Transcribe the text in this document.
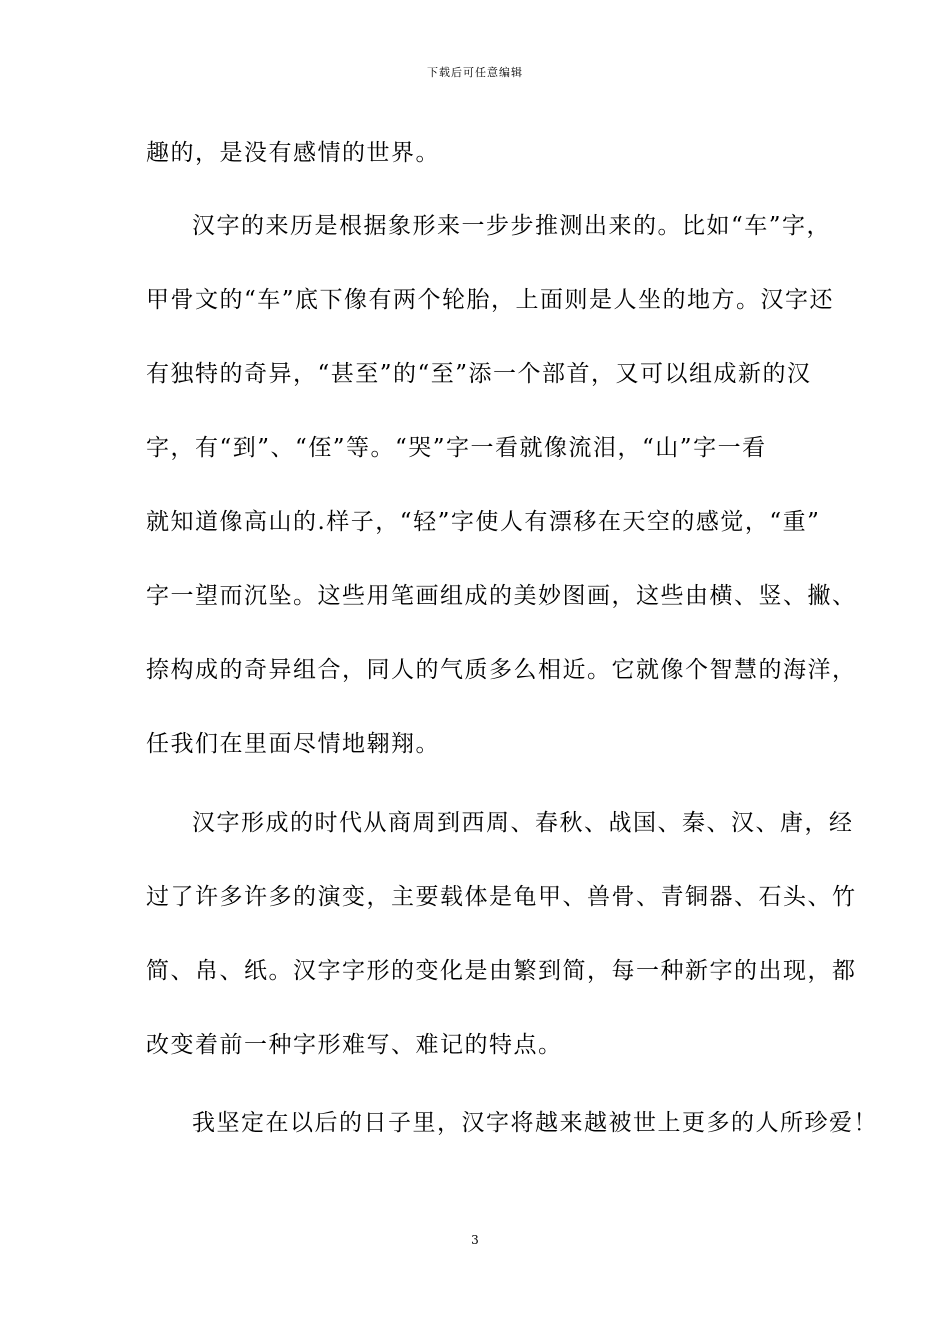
下载后可任意编辑
趣的，是没有感情的世界。
汉字的来历是根据象形来一步步推测出来的。比如“车”字，
甲骨文的“车”底下像有两个轮胎，上面则是人坐的地方。汉字还
有独特的奇异，“甚至”的“至”添一个部首，又可以组成新的汉
字，有“到”、“侄”等。“哭”字一看就像流泪，“山”字一看
就知道像高山的.样子，“轻”字使人有漂移在天空的感觉，“重”
字一望而沉坠。这些用笔画组成的美妙图画，这些由横、竖、撇、
捺构成的奇异组合，同人的气质多么相近。它就像个智慧的海洋，
任我们在里面尽情地翱翔。
汉字形成的时代从商周到西周、春秋、战国、秦、汉、唐，经
过了许多许多的演变，主要载体是龟甲、兽骨、青铜器、石头、竹
简、帛、纸。汉字字形的变化是由繁到简，每一种新字的出现，都
改变着前一种字形难写、难记的特点。
我坚定在以后的日子里，汉字将越来越被世上更多的人所珍爱！
3
